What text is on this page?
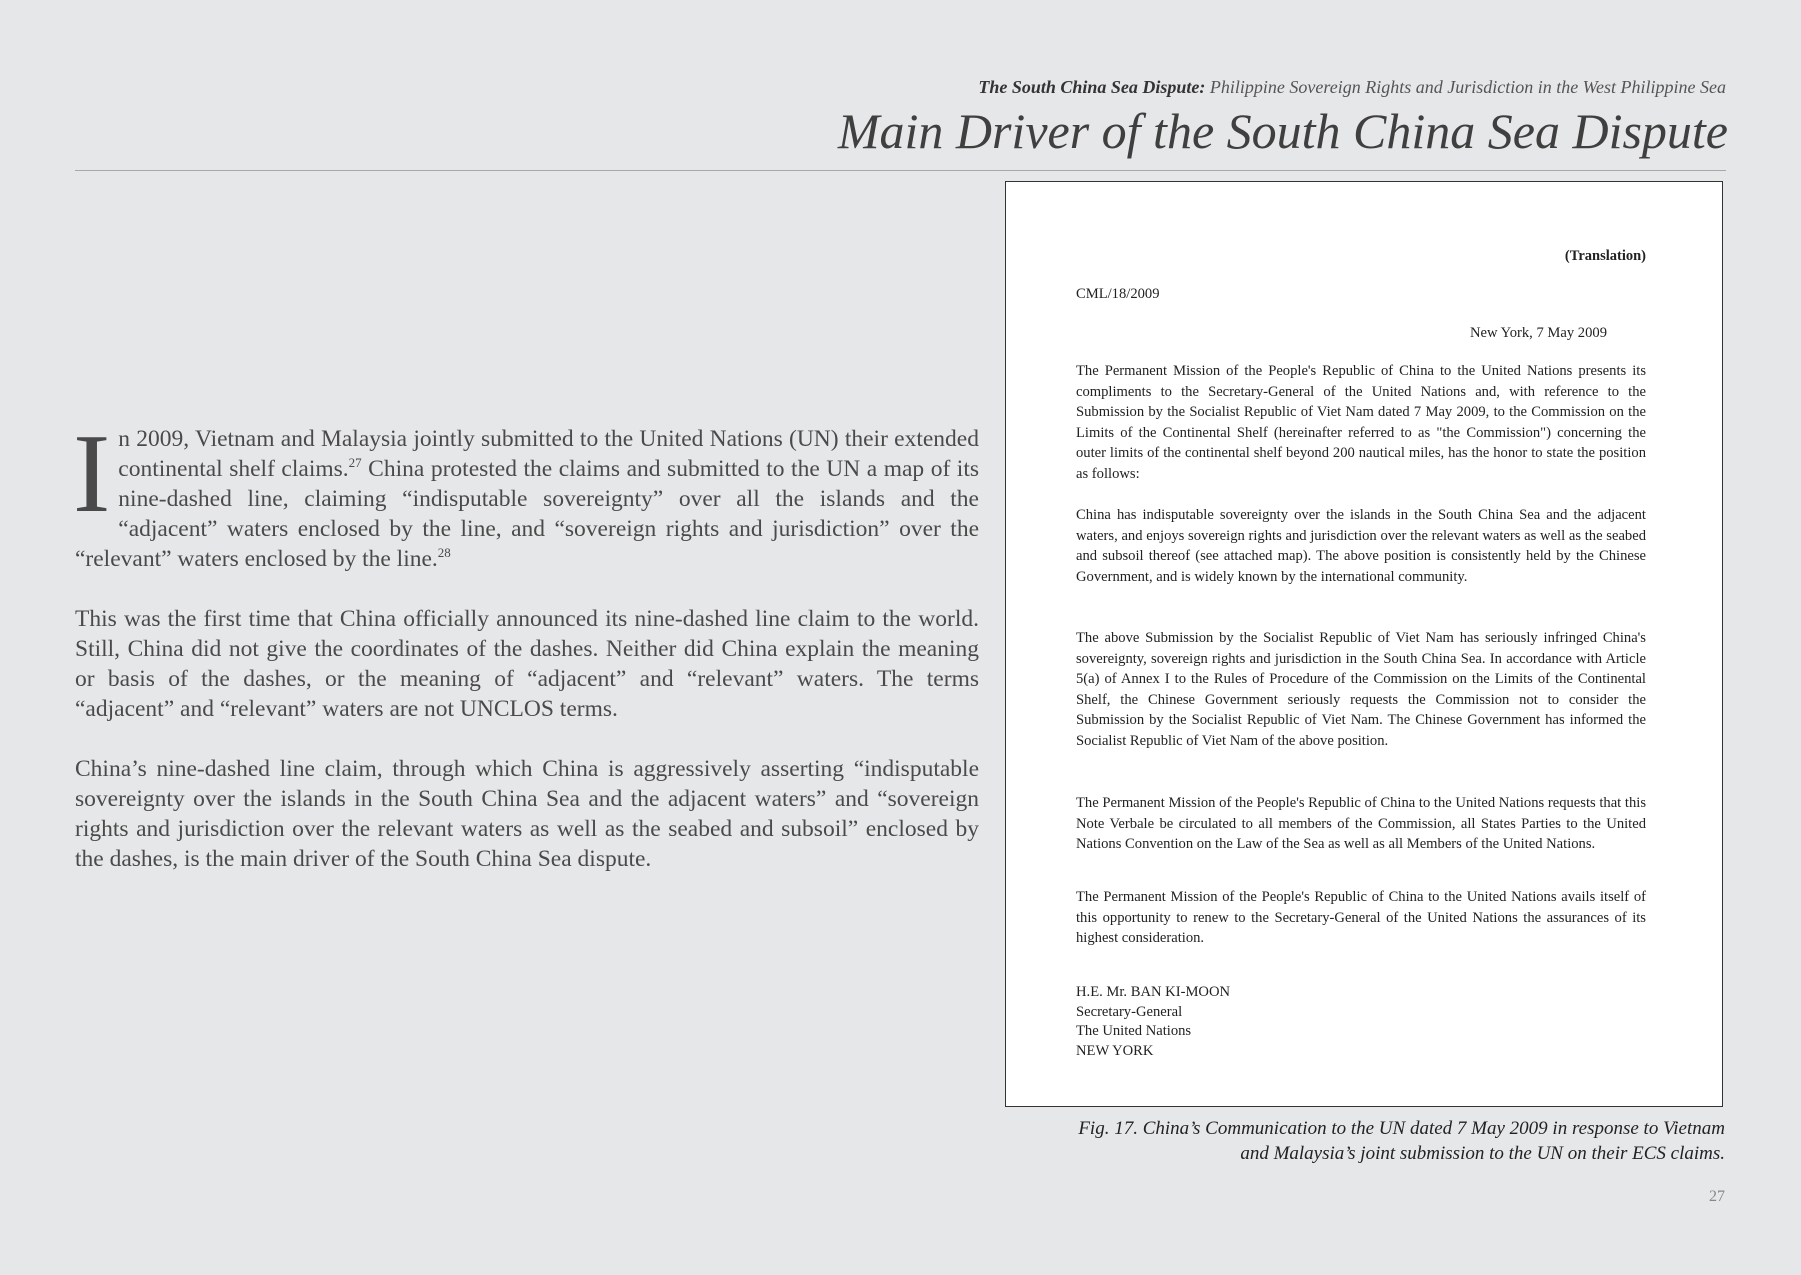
The South China Sea Dispute: Philippine Sovereign Rights and Jurisdiction in the West Philippine Sea
Main Driver of the South China Sea Dispute

In 2009, Vietnam and Malaysia jointly submitted to the United Nations (UN) their extended continental shelf claims.$^{27}$ China protested the claims and submitted to the UN a map of its nine-dashed line, claiming “indisputable sovereignty” over all the islands and the “adjacent” waters enclosed by the line, and “sovereign rights and jurisdiction” over the “relevant” waters enclosed by the line.$^{28}$

This was the first time that China officially announced its nine-dashed line claim to the world. Still, China did not give the coordinates of the dashes. Neither did China explain the meaning or basis of the dashes, or the meaning of “adjacent” and “relevant” waters. The terms “adjacent” and “relevant” waters are not UNCLOS terms.

China’s nine-dashed line claim, through which China is aggressively asserting “indisputable sovereignty over the islands in the South China Sea and the adjacent waters” and “sovereign rights and jurisdiction over the relevant waters as well as the seabed and subsoil” enclosed by the dashes, is the main driver of the South China Sea dispute.

(Translation)
CML/18/2009
New York, 7 May 2009

The Permanent Mission of the People's Republic of China to the United Nations presents its compliments to the Secretary-General of the United Nations and, with reference to the Submission by the Socialist Republic of Viet Nam dated 7 May 2009, to the Commission on the Limits of the Continental Shelf (hereinafter referred to as "the Commission") concerning the outer limits of the continental shelf beyond 200 nautical miles, has the honor to state the position as follows:

China has indisputable sovereignty over the islands in the South China Sea and the adjacent waters, and enjoys sovereign rights and jurisdiction over the relevant waters as well as the seabed and subsoil thereof (see attached map). The above position is consistently held by the Chinese Government, and is widely known by the international community.

The above Submission by the Socialist Republic of Viet Nam has seriously infringed China's sovereignty, sovereign rights and jurisdiction in the South China Sea. In accordance with Article 5(a) of Annex I to the Rules of Procedure of the Commission on the Limits of the Continental Shelf, the Chinese Government seriously requests the Commission not to consider the Submission by the Socialist Republic of Viet Nam. The Chinese Government has informed the Socialist Republic of Viet Nam of the above position.

The Permanent Mission of the People's Republic of China to the United Nations requests that this Note Verbale be circulated to all members of the Commission, all States Parties to the United Nations Convention on the Law of the Sea as well as all Members of the United Nations.

The Permanent Mission of the People's Republic of China to the United Nations avails itself of this opportunity to renew to the Secretary-General of the United Nations the assurances of its highest consideration.

H.E. Mr. BAN KI-MOON
Secretary-General
The United Nations
NEW YORK
Fig. 17. China’s Communication to the UN dated 7 May 2009 in response to Vietnam
and Malaysia’s joint submission to the UN on their ECS claims.
27
